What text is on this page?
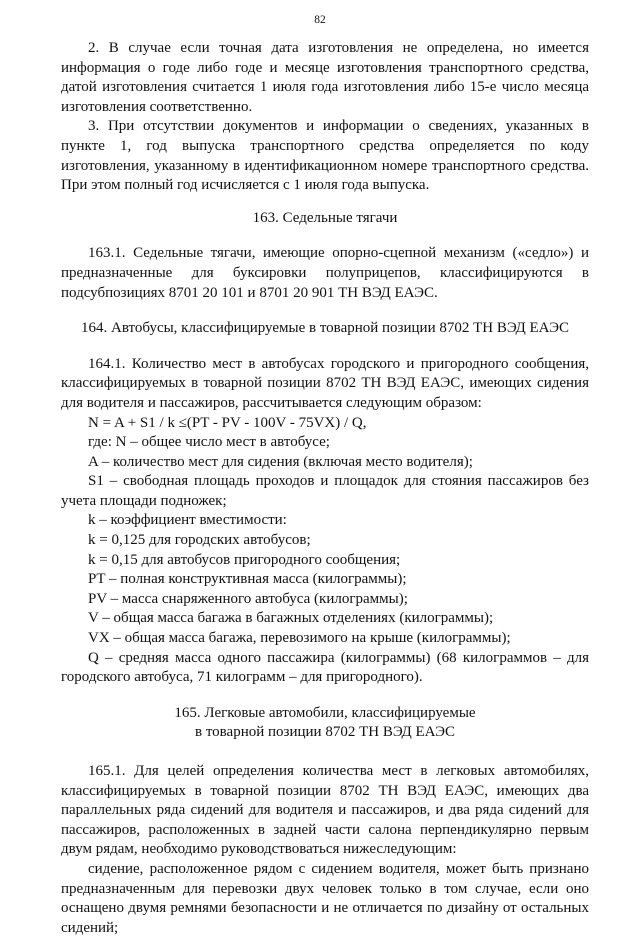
82

2. В случае если точная дата изготовления не определена, но имеется информация о годе либо годе и месяце изготовления транспортного средства, датой изготовления считается 1 июля года изготовления либо 15-е число месяца изготовления соответственно.

3. При отсутствии документов и информации о сведениях, указанных в пункте 1, год выпуска транспортного средства определяется по коду изготовления, указанному в идентификационном номере транспортного средства. При этом полный год исчисляется с 1 июля года выпуска.

163. Седельные тягачи

163.1. Седельные тягачи, имеющие опорно-сцепной механизм («седло») и предназначенные для буксировки полуприцепов, классифицируются в подсубпозициях 8701 20 101 и 8701 20 901 ТН ВЭД ЕАЭС.

164. Автобусы, классифицируемые в товарной позиции 8702 ТН ВЭД ЕАЭС

164.1. Количество мест в автобусах городского и пригородного сообщения, классифицируемых в товарной позиции 8702 ТН ВЭД ЕАЭС, имеющих сидения для водителя и пассажиров, рассчитывается следующим образом:

N = A + S1 / k ≤(PT - PV - 100V - 75VX) / Q,

где: N – общее число мест в автобусе;

A – количество мест для сидения (включая место водителя);

S1 – свободная площадь проходов и площадок для стояния пассажиров без учета площади подножек;

k – коэффициент вместимости:

k = 0,125 для городских автобусов;

k = 0,15 для автобусов пригородного сообщения;

PT – полная конструктивная масса (килограммы);

PV – масса снаряженного автобуса (килограммы);

V – общая масса багажа в багажных отделениях (килограммы);

VX – общая масса багажа, перевозимого на крыше (килограммы);

Q – средняя масса одного пассажира (килограммы) (68 килограммов – для городского автобуса, 71 килограмм – для пригородного).

165. Легковые автомобили, классифицируемые

в товарной позиции 8702 ТН ВЭД ЕАЭС

165.1. Для целей определения количества мест в легковых автомобилях, классифицируемых в товарной позиции 8702 ТН ВЭД ЕАЭС, имеющих два параллельных ряда сидений для водителя и пассажиров, и два ряда сидений для пассажиров, расположенных в задней части салона перпендикулярно первым двум рядам, необходимо руководствоваться нижеследующим:

сидение, расположенное рядом с сидением водителя, может быть признано предназначенным для перевозки двух человек только в том случае, если оно оснащено двумя ремнями безопасности и не отличается по дизайну от остальных сидений;
